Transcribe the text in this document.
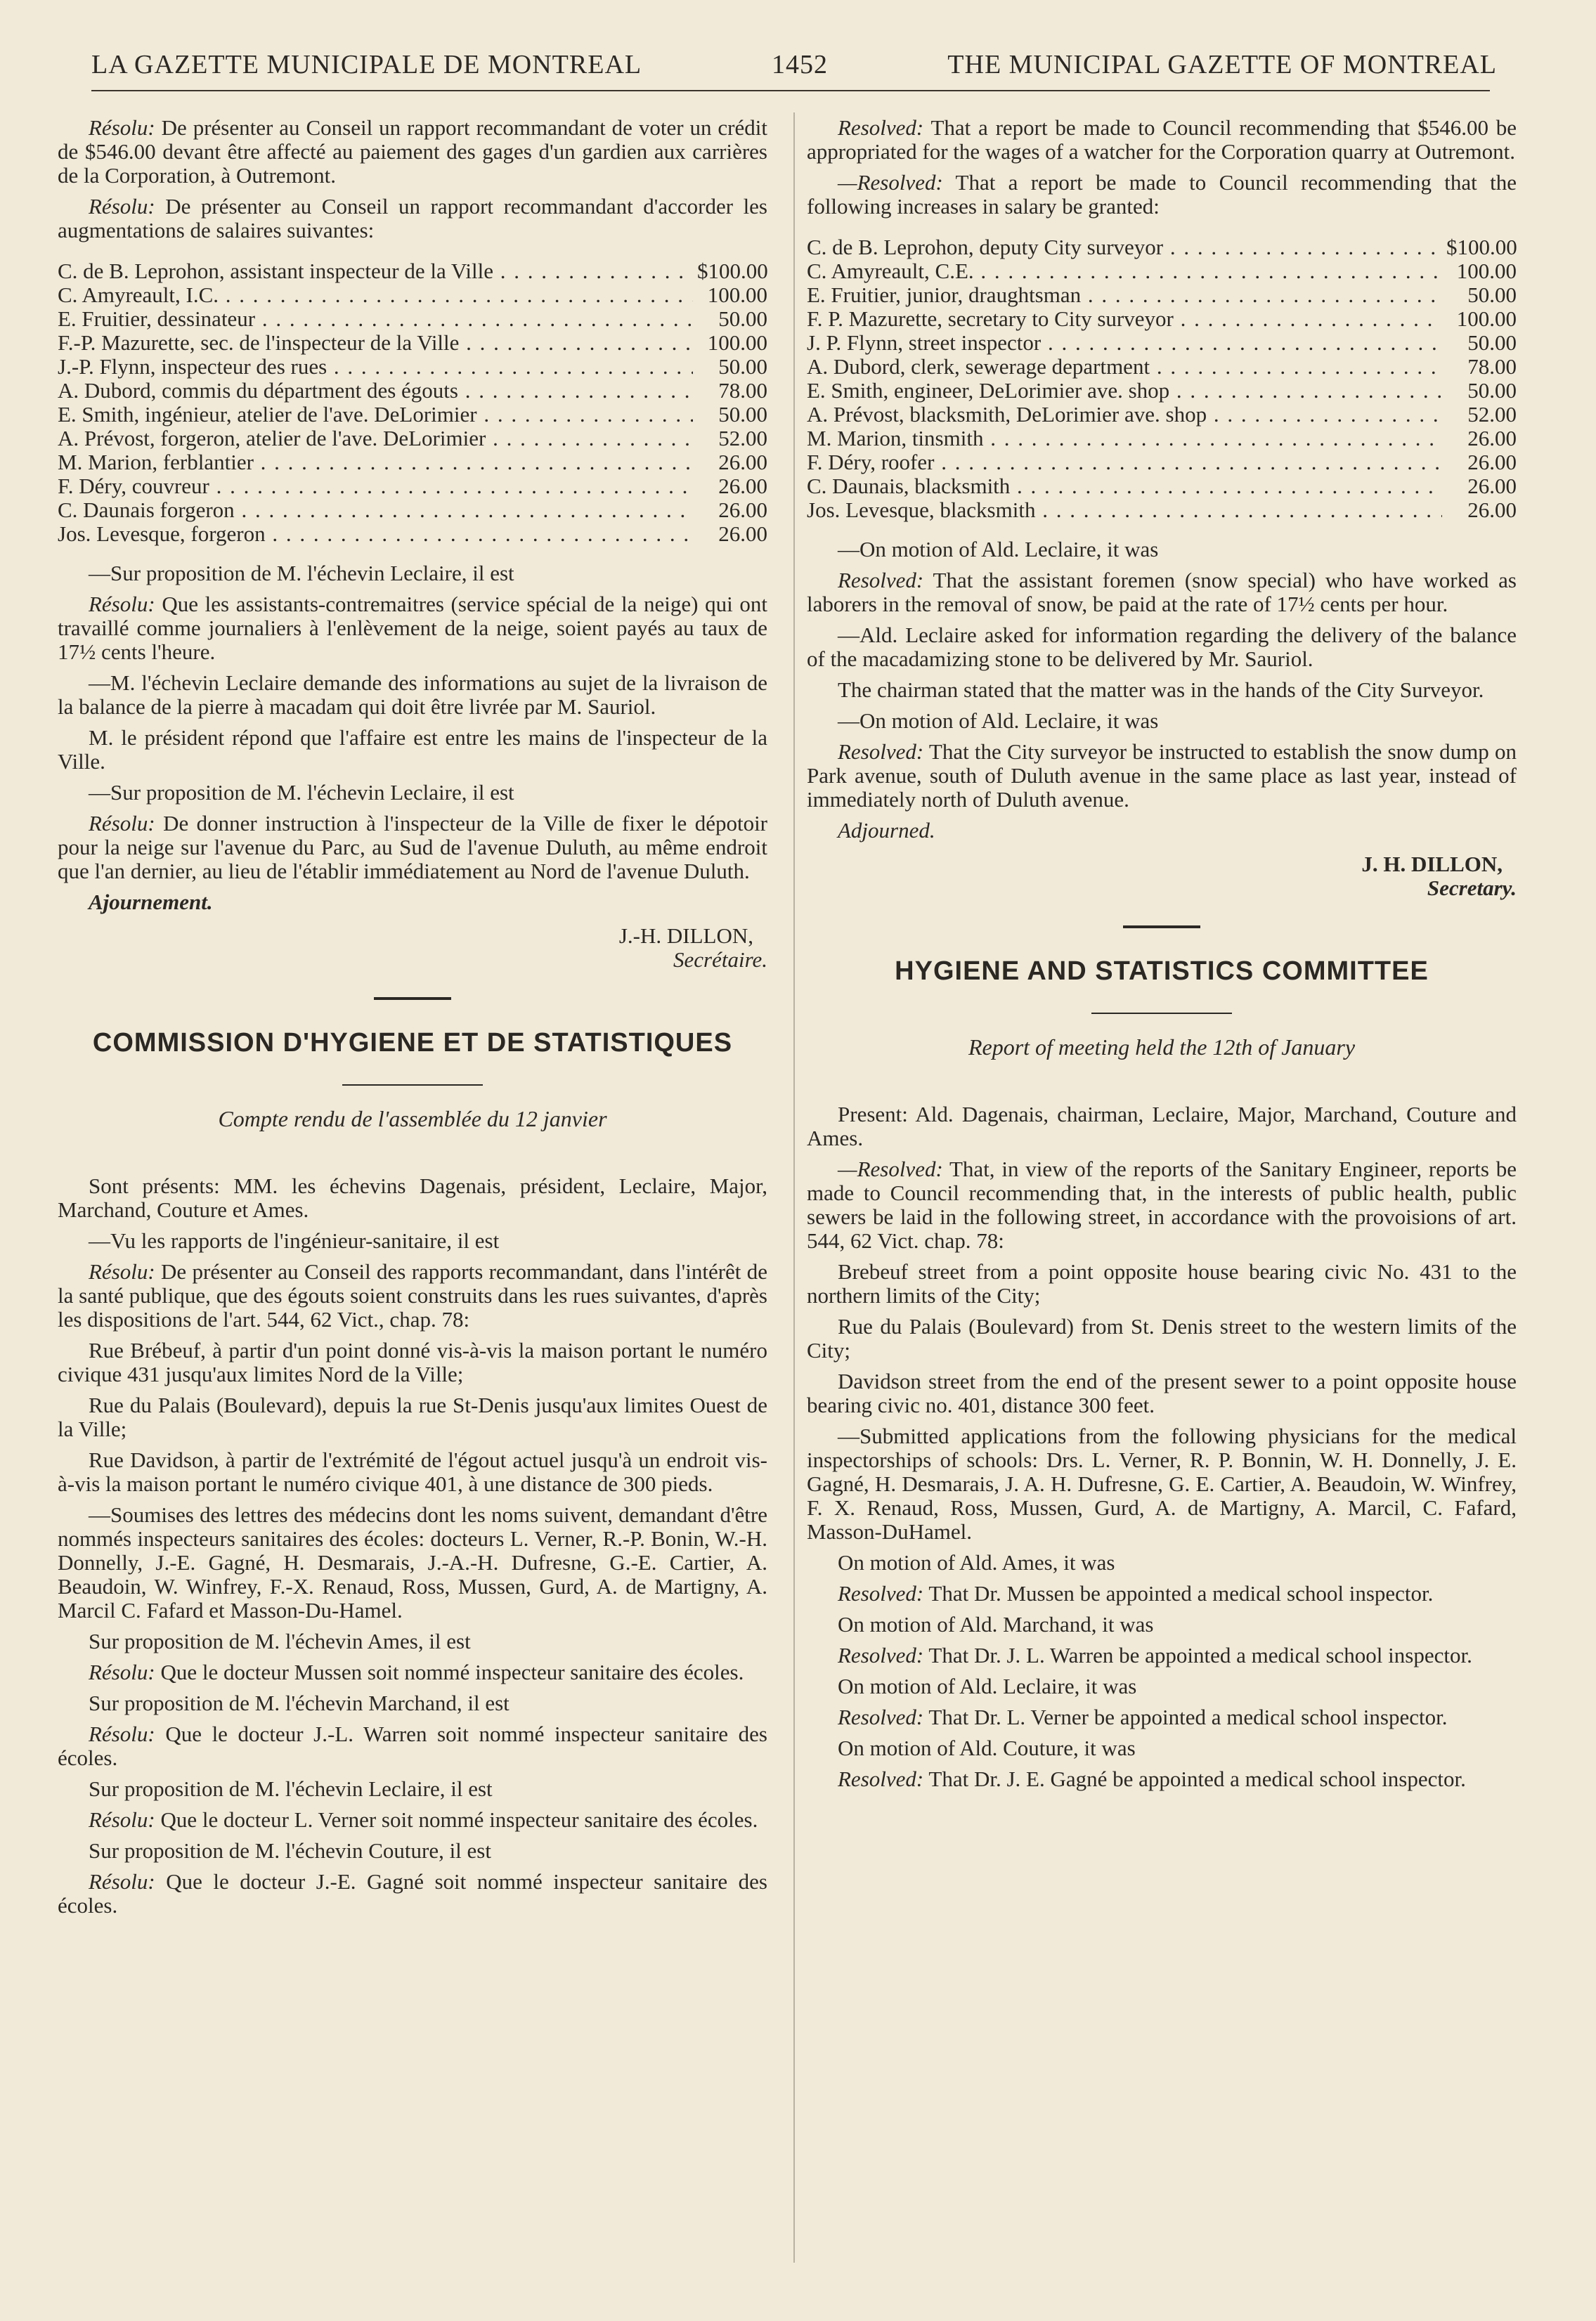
LA GAZETTE MUNICIPALE DE MONTREAL	1452	THE MUNICIPAL GAZETTE OF MONTREAL

Résolu: De présenter au Conseil un rapport recommandant de voter un crédit de $546.00 devant être affecté au paiement des gages d'un gardien aux carrières de la Corporation, à Outremont.

Résolu: De présenter au Conseil un rapport recommandant d'accorder les augmentations de salaires suivantes:

C. de B. Leprohon, assistant inspecteur de la Ville . . .	$100.00
C. Amyreault, I.C. . . .	100.00
E. Fruitier, dessinateur . . .	50.00
F.-P. Mazurette, sec. de l'inspecteur de la Ville . . .	100.00
J.-P. Flynn, inspecteur des rues . . .	50.00
A. Dubord, commis du départment des égouts . . .	78.00
E. Smith, ingénieur, atelier de l'ave. DeLorimier . . .	50.00
A. Prévost, forgeron, atelier de l'ave. DeLorimier . . .	52.00
M. Marion, ferblantier . . .	26.00
F. Déry, couvreur . . .	26.00
C. Daunais forgeron . . .	26.00
Jos. Levesque, forgeron . . .	26.00

—Sur proposition de M. l'échevin Leclaire, il est

Résolu: Que les assistants-contremaitres (service spécial de la neige) qui ont travaillé comme journaliers à l'enlèvement de la neige, soient payés au taux de 17½ cents l'heure.

—M. l'échevin Leclaire demande des informations au sujet de la livraison de la balance de la pierre à macadam qui doit être livrée par M. Sauriol.

M. le président répond que l'affaire est entre les mains de l'inspecteur de la Ville.

—Sur proposition de M. l'échevin Leclaire, il est

Résolu: De donner instruction à l'inspecteur de la Ville de fixer le dépotoir pour la neige sur l'avenue du Parc, au Sud de l'avenue Duluth, au même endroit que l'an dernier, au lieu de l'établir immédiatement au Nord de l'avenue Duluth.

Ajournement.

J.-H. DILLON,
Secrétaire.
COMMISSION D'HYGIENE ET DE STATISTIQUES

Compte rendu de l'assemblée du 12 janvier

Sont présents: MM. les échevins Dagenais, président, Leclaire, Major, Marchand, Couture et Ames.

—Vu les rapports de l'ingénieur-sanitaire, il est

Résolu: De présenter au Conseil des rapports recommandant, dans l'intérêt de la santé publique, que des égouts soient construits dans les rues suivantes, d'après les dispositions de l'art. 544, 62 Vict., chap. 78:

Rue Brébeuf, à partir d'un point donné vis-à-vis la maison portant le numéro civique 431 jusqu'aux limites Nord de la Ville;

Rue du Palais (Boulevard), depuis la rue St-Denis jusqu'aux limites Ouest de la Ville;

Rue Davidson, à partir de l'extrémité de l'égout actuel jusqu'à un endroit vis-à-vis la maison portant le numéro civique 401, à une distance de 300 pieds.

—Soumises des lettres des médecins dont les noms suivent, demandant d'être nommés inspecteurs sanitaires des écoles: docteurs L. Verner, R.-P. Bonin, W.-H. Donnelly, J.-E. Gagné, H. Desmarais, J.-A.-H. Dufresne, G.-E. Cartier, A. Beaudoin, W. Winfrey, F.-X. Renaud, Ross, Mussen, Gurd, A. de Martigny, A. Marcil C. Fafard et Masson-Du-Hamel.

Sur proposition de M. l'échevin Ames, il est

Résolu: Que le docteur Mussen soit nommé inspecteur sanitaire des écoles.

Sur proposition de M. l'échevin Marchand, il est

Résolu: Que le docteur J.-L. Warren soit nommé inspecteur sanitaire des écoles.

Sur proposition de M. l'échevin Leclaire, il est

Résolu: Que le docteur L. Verner soit nommé inspecteur sanitaire des écoles.

Sur proposition de M. l'échevin Couture, il est

Résolu: Que le docteur J.-E. Gagné soit nommé inspecteur sanitaire des écoles.

Resolved: That a report be made to Council recommending that $546.00 be appropriated for the wages of a watcher for the Corporation quarry at Outremont.

—Resolved: That a report be made to Council recommending that the following increases in salary be granted:

C. de B. Leprohon, deputy City surveyor . . .	$100.00
C. Amyreault, C.E. . . .	100.00
E. Fruitier, junior, draughtsman . . .	50.00
F. P. Mazurette, secretary to City surveyor . . .	100.00
J. P. Flynn, street inspector . . .	50.00
A. Dubord, clerk, sewerage department . . .	78.00
E. Smith, engineer, DeLorimier ave. shop . . .	50.00
A. Prévost, blacksmith, DeLorimier ave. shop . . .	52.00
M. Marion, tinsmith . . .	26.00
F. Déry, roofer . . .	26.00
C. Daunais, blacksmith . . .	26.00
Jos. Levesque, blacksmith . . .	26.00

—On motion of Ald. Leclaire, it was

Resolved: That the assistant foremen (snow special) who have worked as laborers in the removal of snow, be paid at the rate of 17½ cents per hour.

—Ald. Leclaire asked for information regarding the delivery of the balance of the macadamizing stone to be delivered by Mr. Sauriol.

The chairman stated that the matter was in the hands of the City Surveyor.

—On motion of Ald. Leclaire, it was

Resolved: That the City surveyor be instructed to establish the snow dump on Park avenue, south of Duluth avenue in the same place as last year, instead of immediately north of Duluth avenue.

Adjourned.

J. H. DILLON,
Secretary.
HYGIENE AND STATISTICS COMMITTEE

Report of meeting held the 12th of January

Present: Ald. Dagenais, chairman, Leclaire, Major, Marchand, Couture and Ames.

—Resolved: That, in view of the reports of the Sanitary Engineer, reports be made to Council recommending that, in the interests of public health, public sewers be laid in the following street, in accordance with the provoisions of art. 544, 62 Vict. chap. 78:

Brebeuf street from a point opposite house bearing civic No. 431 to the northern limits of the City;

Rue du Palais (Boulevard) from St. Denis street to the western limits of the City;

Davidson street from the end of the present sewer to a point opposite house bearing civic no. 401, distance 300 feet.

—Submitted applications from the following physicians for the medical inspectorships of schools: Drs. L. Verner, R. P. Bonnin, W. H. Donnelly, J. E. Gagné, H. Desmarais, J. A. H. Dufresne, G. E. Cartier, A. Beaudoin, W. Winfrey, F. X. Renaud, Ross, Mussen, Gurd, A. de Martigny, A. Marcil, C. Fafard, Masson-DuHamel.

On motion of Ald. Ames, it was

Resolved: That Dr. Mussen be appointed a medical school inspector.

On motion of Ald. Marchand, it was

Resolved: That Dr. J. L. Warren be appointed a medical school inspector.

On motion of Ald. Leclaire, it was

Resolved: That Dr. L. Verner be appointed a medical school inspector.

On motion of Ald. Couture, it was

Resolved: That Dr. J. E. Gagné be appointed a medical school inspector.
